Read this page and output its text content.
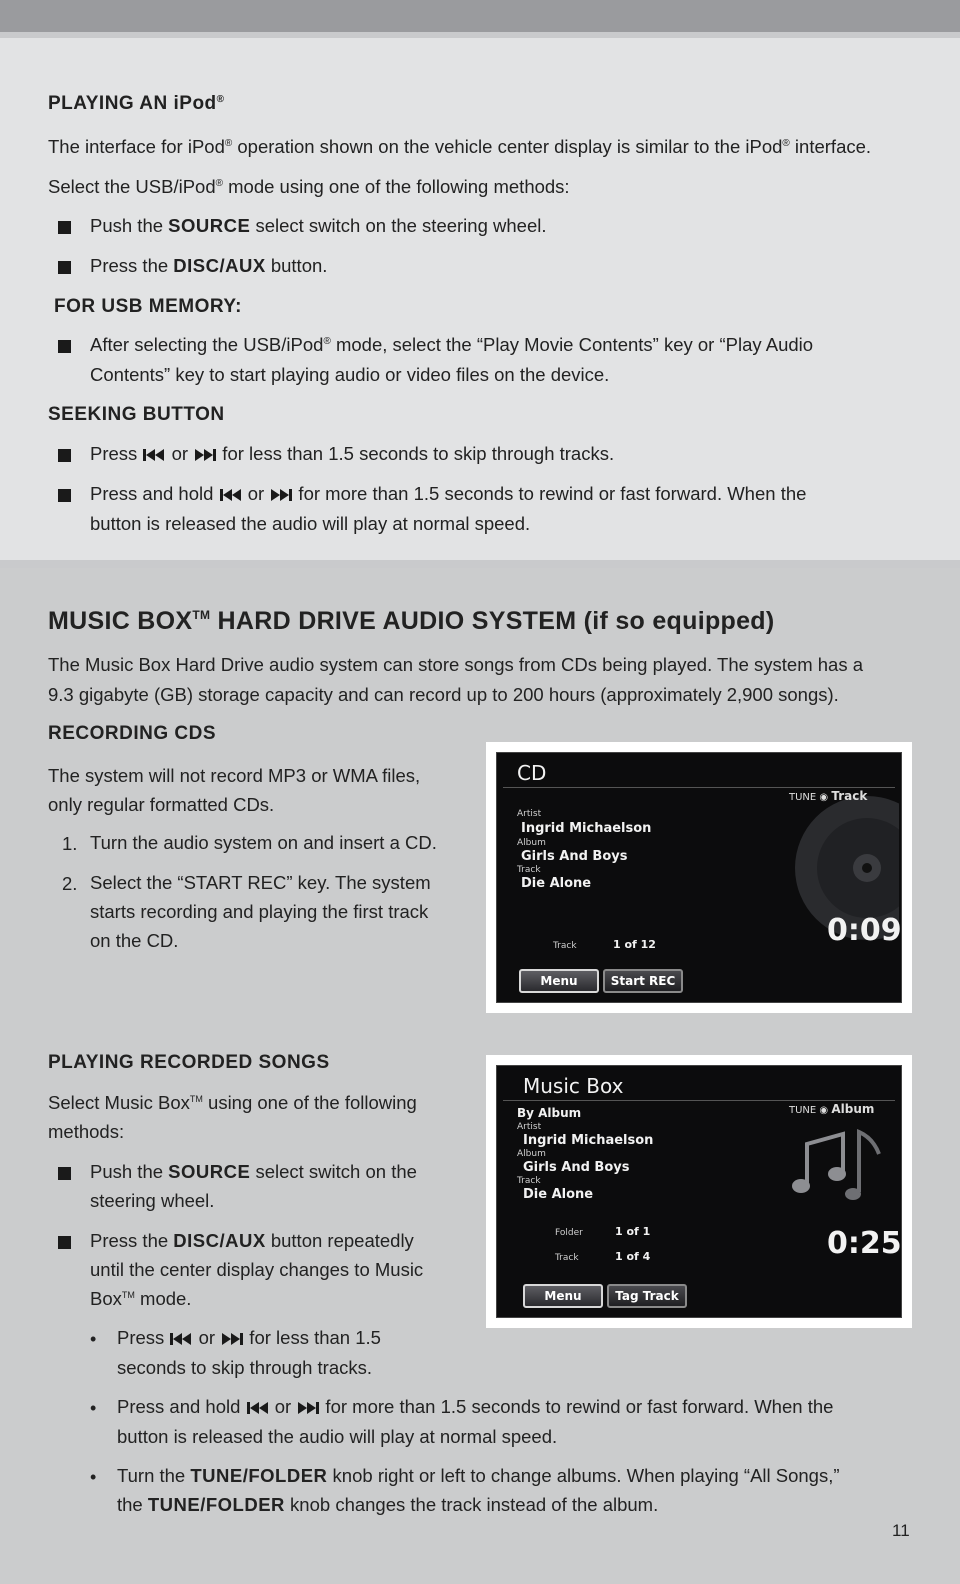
PLAYING AN iPod®
The interface for iPod® operation shown on the vehicle center display is similar to the iPod® interface.
Select the USB/iPod® mode using one of the following methods:
Push the SOURCE select switch on the steering wheel.
Press the DISC/AUX button.
FOR USB MEMORY:
After selecting the USB/iPod® mode, select the “Play Movie Contents” key or “Play Audio
Contents” key to start playing audio or video files on the device.
SEEKING BUTTON
Press  or  for less than 1.5 seconds to skip through tracks.
Press and hold  or  for more than 1.5 seconds to rewind or fast forward. When the
button is released the audio will play at normal speed.
MUSIC BOX™ HARD DRIVE AUDIO SYSTEM (if so equipped)
The Music Box Hard Drive audio system can store songs from CDs being played. The system has a
9.3 gigabyte (GB) storage capacity and can record up to 200 hours (approximately 2,900 songs).
RECORDING CDS
The system will not record MP3 or WMA files,
only regular formatted CDs.
1. Turn the audio system on and insert a CD.
2. Select the “START REC” key. The system
starts recording and playing the first track
on the CD.
CD
TUNE ◉ Track
Artist
Ingrid Michaelson
Album
Girls And Boys
Track
Die Alone
Track	1 of 12	0:09
Menu	Start REC
PLAYING RECORDED SONGS
Select Music Box™ using one of the following
methods:
Push the SOURCE select switch on the
steering wheel.
Press the DISC/AUX button repeatedly
until the center display changes to Music
Box™ mode.
• Press  or  for less than 1.5
seconds to skip through tracks.
• Press and hold  or  for more than 1.5 seconds to rewind or fast forward. When the
button is released the audio will play at normal speed.
• Turn the TUNE/FOLDER knob right or left to change albums. When playing “All Songs,”
the TUNE/FOLDER knob changes the track instead of the album.
Music Box
By Album	TUNE ◉ Album
Artist
Ingrid Michaelson
Album
Girls And Boys
Track
Die Alone
Folder	1 of 1
Track	1 of 4	0:25
Menu	Tag Track
11
